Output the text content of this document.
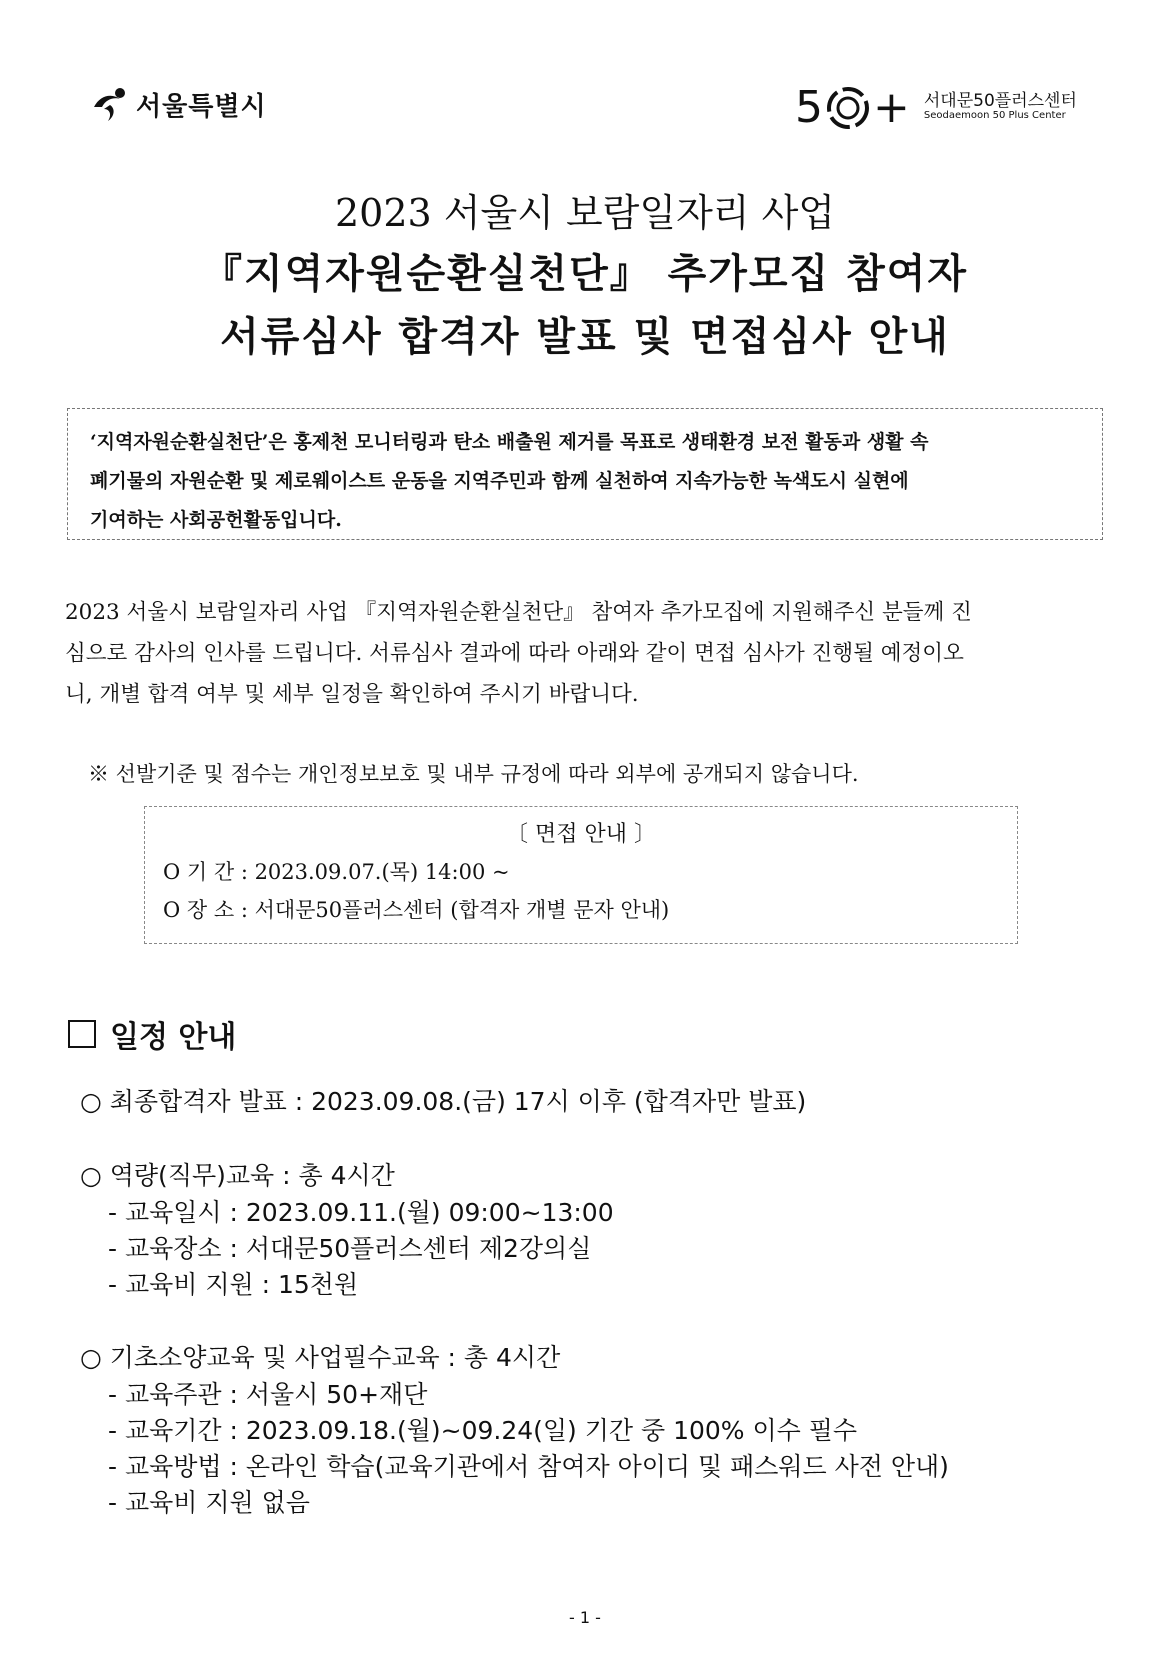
서울특별시	5 ○ + 서대문50플러스센터
Seodaemoon 50 Plus Center
2023 서울시 보람일자리 사업
『지역자원순환실천단』 추가모집 참여자
서류심사 합격자 발표 및 면접심사 안내
‘지역자원순환실천단’은 홍제천 모니터링과 탄소 배출원 제거를 목표로 생태환경 보전 활동과 생활 속
폐기물의 자원순환 및 제로웨이스트 운동을 지역주민과 함께 실천하여 지속가능한 녹색도시 실현에
기여하는 사회공헌활동입니다.
2023 서울시 보람일자리 사업 『지역자원순환실천단』 참여자 추가모집에 지원해주신 분들께 진
심으로 감사의 인사를 드립니다. 서류심사 결과에 따라 아래와 같이 면접 심사가 진행될 예정이오
니, 개별 합격 여부 및 세부 일정을 확인하여 주시기 바랍니다.
※ 선발기준 및 점수는 개인정보보호 및 내부 규정에 따라 외부에 공개되지 않습니다.
〔 면접 안내 〕
O 기 간 : 2023.09.07.(목) 14:00 ~
O 장 소 : 서대문50플러스센터 (합격자 개별 문자 안내)
일정 안내
○ 최종합격자 발표 : 2023.09.08.(금) 17시 이후 (합격자만 발표)
○ 역량(직무)교육 : 총 4시간
- 교육일시 : 2023.09.11.(월) 09:00~13:00
- 교육장소 : 서대문50플러스센터 제2강의실
- 교육비 지원 : 15천원
○ 기초소양교육 및 사업필수교육 : 총 4시간
- 교육주관 : 서울시 50+재단
- 교육기간 : 2023.09.18.(월)~09.24(일) 기간 중 100% 이수 필수
- 교육방법 : 온라인 학습(교육기관에서 참여자 아이디 및 패스워드 사전 안내)
- 교육비 지원 없음
- 1 -
